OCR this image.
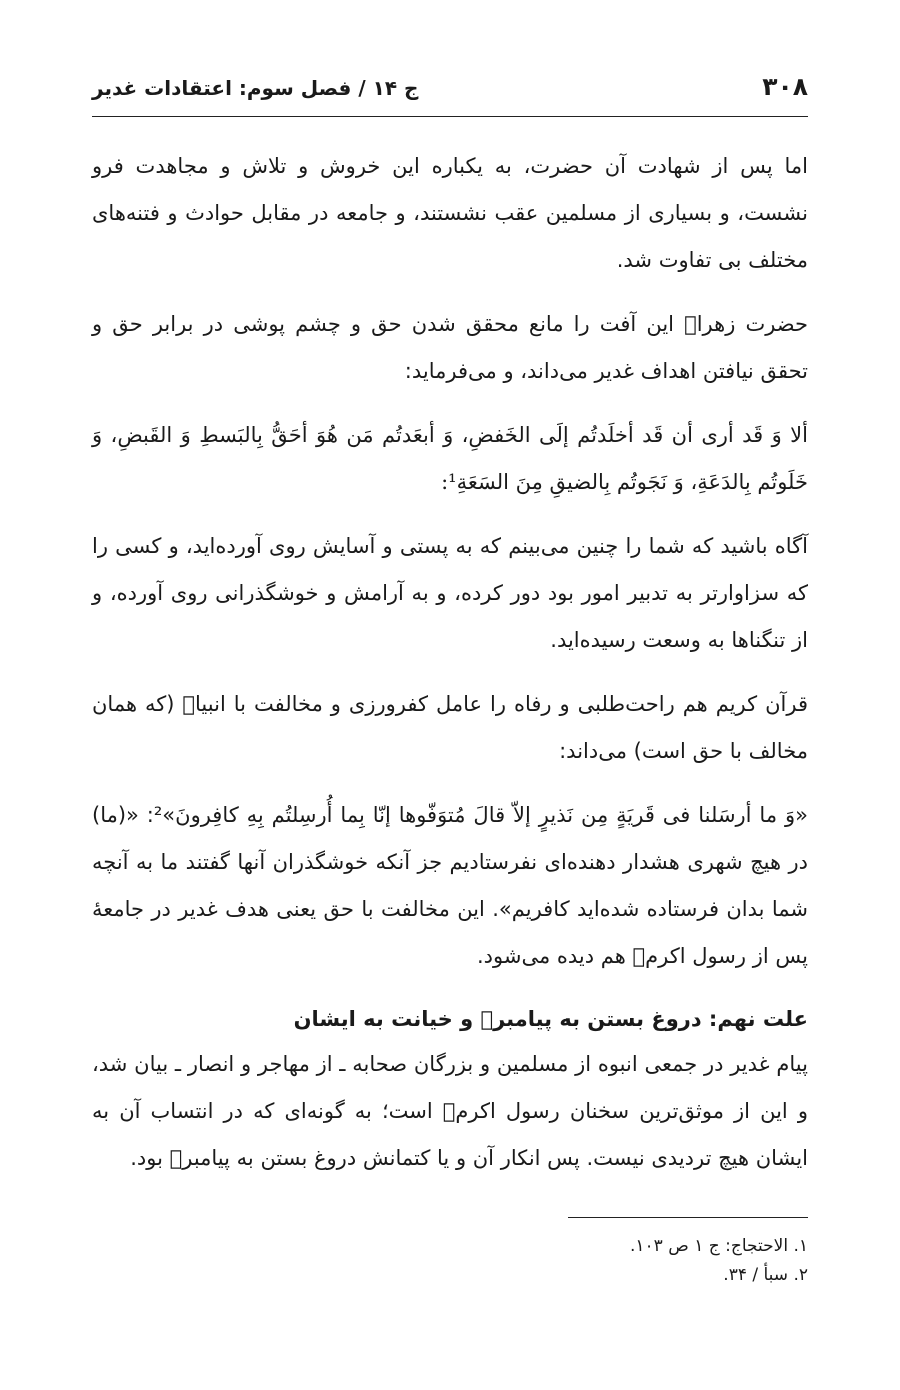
۳۰۸
ج ۱۴ / فصل سوم: اعتقادات غدیر

اما پس از شهادت آن حضرت، به یکباره این خروش و تلاش و مجاهدت فرو نشست، و بسیاری از مسلمین عقب نشستند، و جامعه در مقابل حوادث و فتنه‌های مختلف بی تفاوت شد.

حضرت زهراؐ این آفت را مانع محقق شدن حق و چشم پوشی در برابر حق و تحقق نیافتن اهداف غدیر می‌داند، و می‌فرماید:

ألا وَ قَد أری أن قَد أخلَدتُم إلَی الخَفضِ، وَ أبعَدتُم مَن هُوَ أحَقُّ بِالبَسطِ وَ القَبضِ، وَ خَلَوتُم بِالدَعَةِ، وَ نَجَوتُم بِالضیقِ مِنَ السَعَةِ¹:

آگاه باشید که شما را چنین می‌بینم که به پستی و آسایش روی آورده‌اید، و کسی را که سزاوارتر به تدبیر امور بود دور کرده، و به آرامش و خوشگذرانی روی آورده، و از تنگناها به وسعت رسیده‌اید.

قرآن کریم هم راحت‌طلبی و رفاه را عامل کفرورزی و مخالفت با انبیاؐ (که همان مخالف با حق است) می‌داند:

«وَ ما أرسَلنا فی قَریَةٍ مِن نَذیرٍ إلاّ قالَ مُتوَفّوها إنّا بِما أُرسِلتُم بِهِ کافِرونَ»²: «(ما) در هیچ شهری هشدار دهنده‌ای نفرستادیم جز آنکه خوشگذران آنها گفتند ما به آنچه شما بدان فرستاده شده‌اید کافریم». این مخالفت با حق یعنی هدف غدیر در جامعهٔ پس از رسول اکرمؐ هم دیده می‌شود.

علت نهم: دروغ بستن به پیامبرؐ و خیانت به ایشان

پیام غدیر در جمعی انبوه از مسلمین و بزرگان صحابه ـ از مهاجر و انصار ـ بیان شد، و این از موثق‌ترین سخنان رسول اکرمؐ است؛ به گونه‌ای که در انتساب آن به ایشان هیچ تردیدی نیست. پس انکار آن و یا کتمانش دروغ بستن به پیامبرؐ بود.

۱. الاحتجاج: ج ۱ ص ۱۰۳.
۲. سبأ / ۳۴.
